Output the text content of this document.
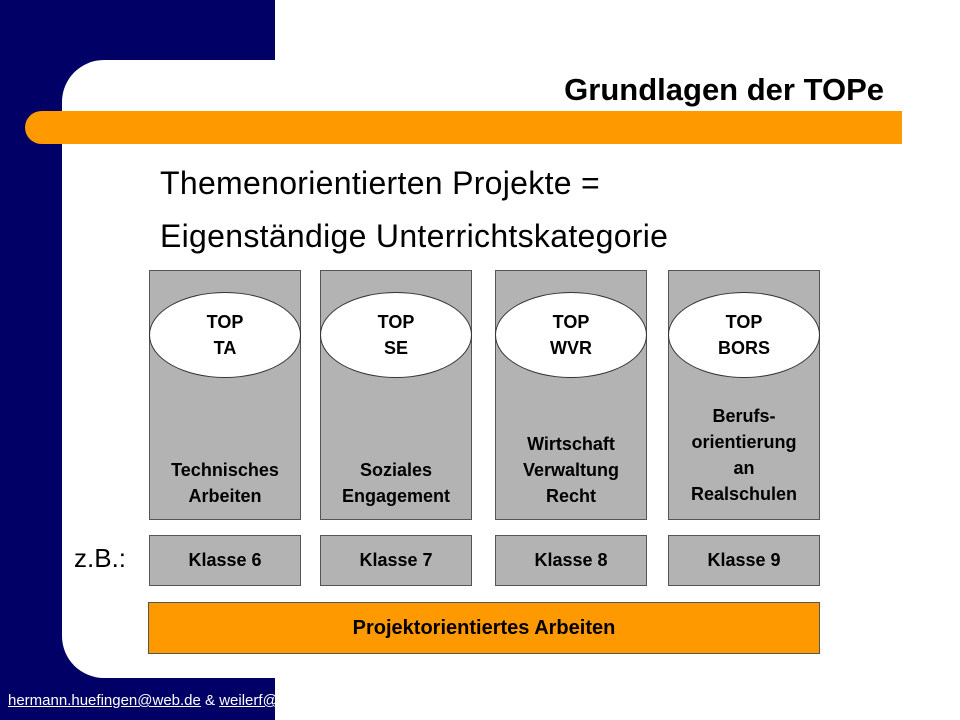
Grundlagen der TOPe
Themenorientierten Projekte =
Eigenständige Unterrichtskategorie
TOP
TA
Technisches
Arbeiten
Klasse 6
TOP
SE
Soziales
Engagement
Klasse 7
TOP
WVR
Wirtschaft
Verwaltung
Recht
Klasse 8
TOP
BORS
Berufs-
orientierung
an
Realschulen
Klasse 9
z.B.:
Projektorientiertes Arbeiten
hermann.huefingen@web.de & weilerf@gmx.de
